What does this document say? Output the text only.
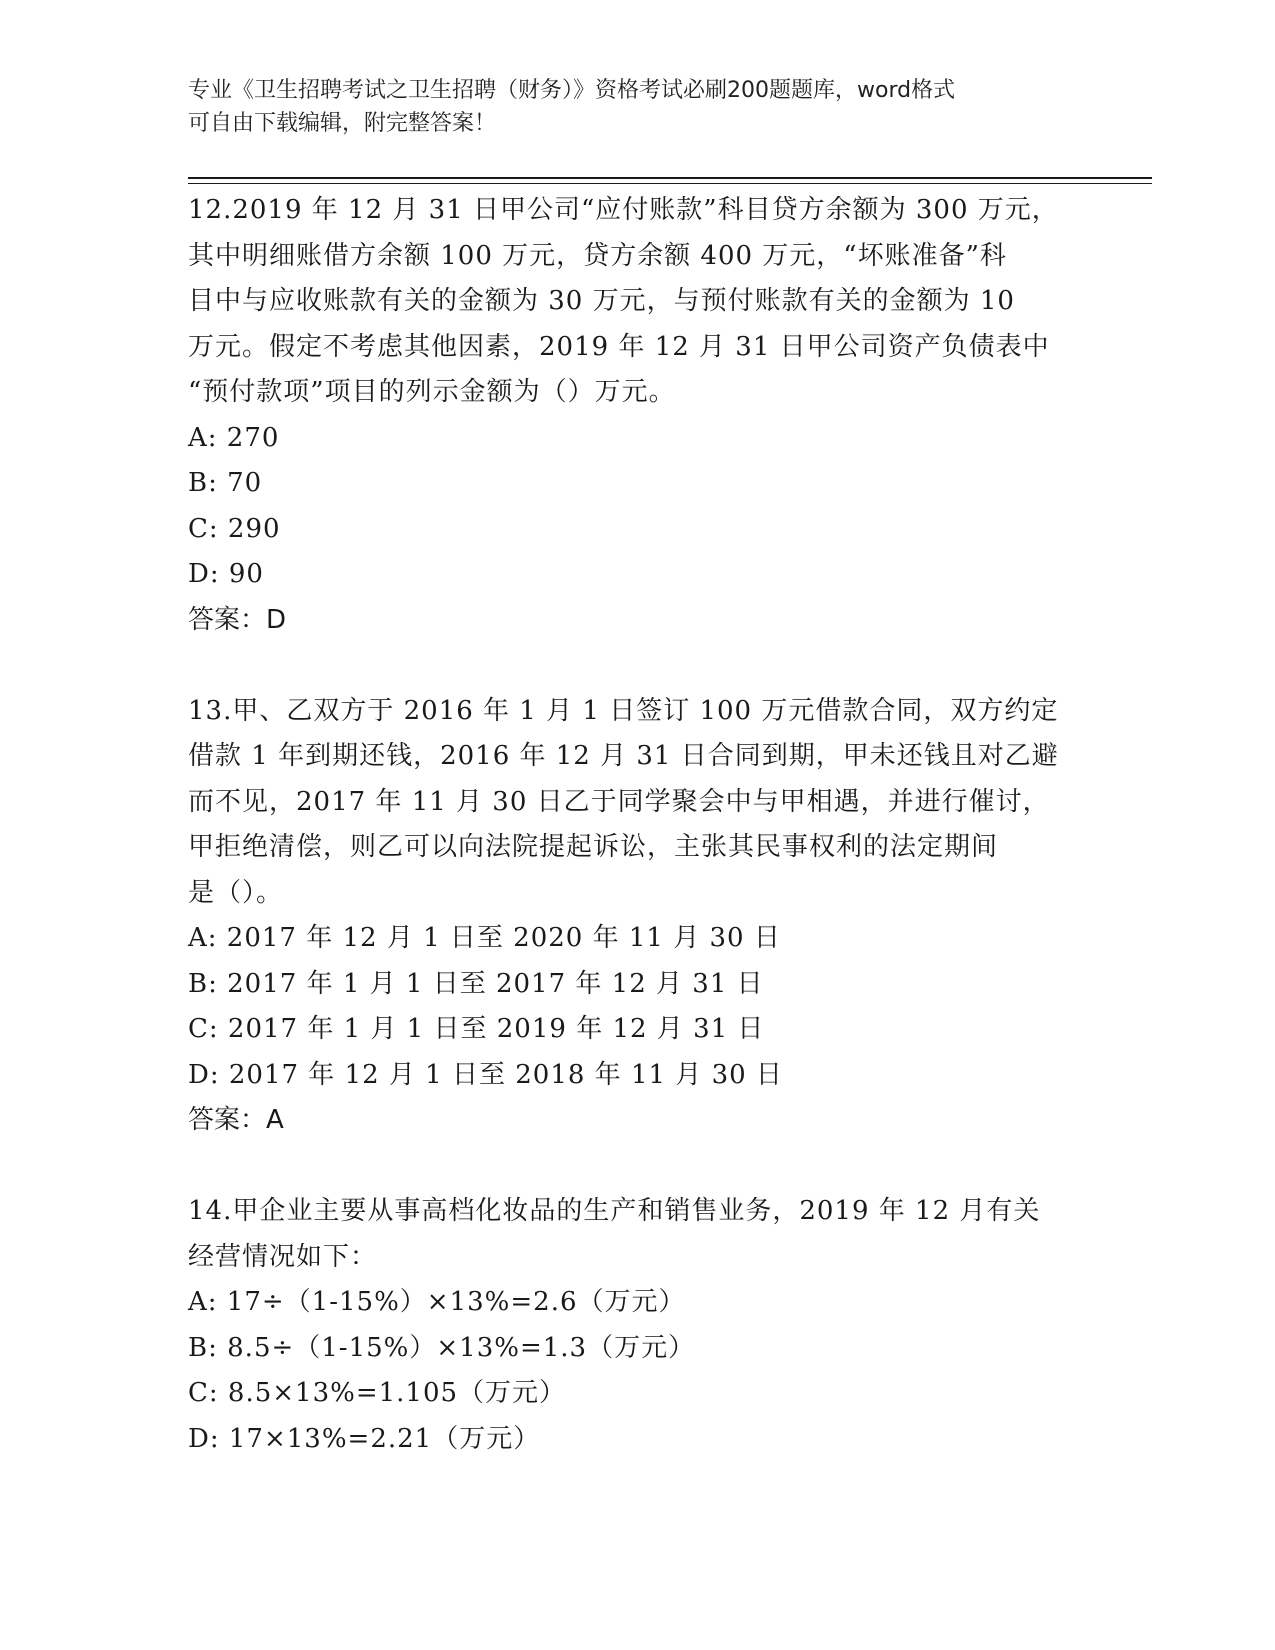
专业《卫生招聘考试之卫生招聘（财务）》资格考试必刷200题题库，word格式
可自由下载编辑，附完整答案！
12.2019 年 12 月 31 日甲公司“应付账款”科目贷方余额为 300 万元，
其中明细账借方余额 100 万元，贷方余额 400 万元，“坏账准备”科
目中与应收账款有关的金额为 30 万元，与预付账款有关的金额为 10
万元。假定不考虑其他因素，2019 年 12 月 31 日甲公司资产负债表中
“预付款项”项目的列示金额为（）万元。
A: 270
B: 70
C: 290
D: 90
答案：D
13.甲、乙双方于 2016 年 1 月 1 日签订 100 万元借款合同，双方约定
借款 1 年到期还钱，2016 年 12 月 31 日合同到期，甲未还钱且对乙避
而不见，2017 年 11 月 30 日乙于同学聚会中与甲相遇，并进行催讨，
甲拒绝清偿，则乙可以向法院提起诉讼，主张其民事权利的法定期间
是（）。
A: 2017 年 12 月 1 日至 2020 年 11 月 30 日
B: 2017 年 1 月 1 日至 2017 年 12 月 31 日
C: 2017 年 1 月 1 日至 2019 年 12 月 31 日
D: 2017 年 12 月 1 日至 2018 年 11 月 30 日
答案：A
14.甲企业主要从事高档化妆品的生产和销售业务，2019 年 12 月有关
经营情况如下：
A: 17÷（1-15%）×13%=2.6（万元）
B: 8.5÷（1-15%）×13%=1.3（万元）
C: 8.5×13%=1.105（万元）
D: 17×13%=2.21（万元）
